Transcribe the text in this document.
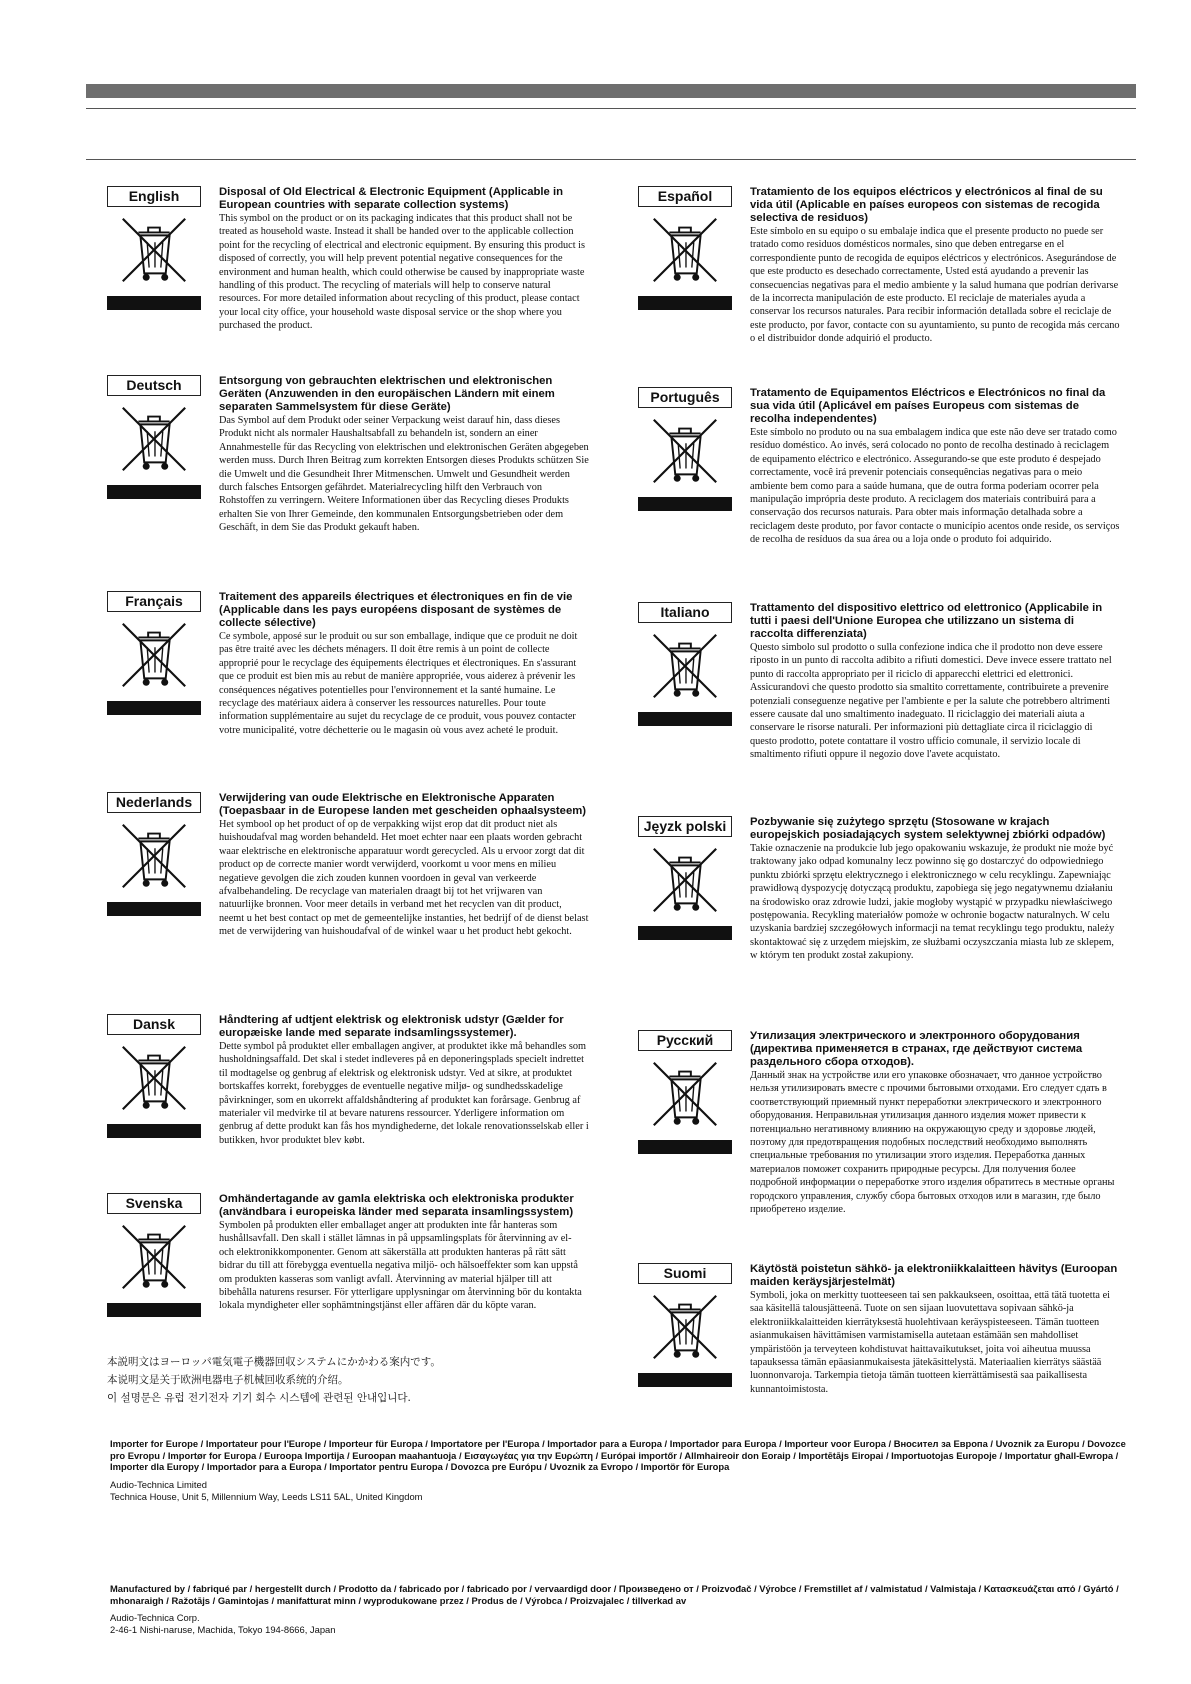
English	Disposal of Old Electrical & Electronic Equipment (Applicable in European countries with separate collection systems)

This symbol on the product or on its packaging indicates that this product shall not be treated as household waste. Instead it shall be handed over to the applicable collection point for the recycling of electrical and electronic equipment. By ensuring this product is disposed of correctly, you will help prevent potential negative consequences for the environment and human health, which could otherwise be caused by inappropriate waste handling of this product. The recycling of materials will help to conserve natural resources. For more detailed information about recycling of this product, please contact your local city office, your household waste disposal service or the shop where you purchased the product.

Deutsch	Entsorgung von gebrauchten elektrischen und elektronischen Geräten (Anzuwenden in den europäischen Ländern mit einem separaten Sammelsystem für diese Geräte)

Das Symbol auf dem Produkt oder seiner Verpackung weist darauf hin, dass dieses Produkt nicht als normaler Haushaltsabfall zu behandeln ist, sondern an einer Annahmestelle für das Recycling von elektrischen und elektronischen Geräten abgegeben werden muss. Durch Ihren Beitrag zum korrekten Entsorgen dieses Produkts schützen Sie die Umwelt und die Gesundheit Ihrer Mitmenschen. Umwelt und Gesundheit werden durch falsches Entsorgen gefährdet. Materialrecycling hilft den Verbrauch von Rohstoffen zu verringern. Weitere Informationen über das Recycling dieses Produkts erhalten Sie von Ihrer Gemeinde, den kommunalen Entsorgungsbetrieben oder dem Geschäft, in dem Sie das Produkt gekauft haben.

Français	Traitement des appareils électriques et électroniques en fin de vie (Applicable dans les pays européens disposant de systèmes de collecte sélective)

Ce symbole, apposé sur le produit ou sur son emballage, indique que ce produit ne doit pas être traité avec les déchets ménagers. Il doit être remis à un point de collecte approprié pour le recyclage des équipements électriques et électroniques. En s'assurant que ce produit est bien mis au rebut de manière appropriée, vous aiderez à prévenir les conséquences négatives potentielles pour l'environnement et la santé humaine. Le recyclage des matériaux aidera à conserver les ressources naturelles. Pour toute information supplémentaire au sujet du recyclage de ce produit, vous pouvez contacter votre municipalité, votre déchetterie ou le magasin où vous avez acheté le produit.

Nederlands	Verwijdering van oude Elektrische en Elektronische Apparaten (Toepasbaar in de Europese landen met gescheiden ophaalsysteem)

Het symbool op het product of op de verpakking wijst erop dat dit product niet als huishoudafval mag worden behandeld. Het moet echter naar een plaats worden gebracht waar elektrische en elektronische apparatuur wordt gerecycled. Als u ervoor zorgt dat dit product op de correcte manier wordt verwijderd, voorkomt u voor mens en milieu negatieve gevolgen die zich zouden kunnen voordoen in geval van verkeerde afvalbehandeling. De recyclage van materialen draagt bij tot het vrijwaren van natuurlijke bronnen. Voor meer details in verband met het recyclen van dit product, neemt u het best contact op met de gemeentelijke instanties, het bedrijf of de dienst belast met de verwijdering van huishoudafval of de winkel waar u het product hebt gekocht.

Dansk	Håndtering af udtjent elektrisk og elektronisk udstyr (Gælder for europæiske lande med separate indsamlingssystemer).

Dette symbol på produktet eller emballagen angiver, at produktet ikke må behandles som husholdningsaffald. Det skal i stedet indleveres på en deponeringsplads specielt indrettet til modtagelse og genbrug af elektrisk og elektronisk udstyr. Ved at sikre, at produktet bortskaffes korrekt, forebygges de eventuelle negative miljø- og sundhedsskadelige påvirkninger, som en ukorrekt affaldshåndtering af produktet kan forårsage. Genbrug af materialer vil medvirke til at bevare naturens ressourcer. Yderligere information om genbrug af dette produkt kan fås hos myndighederne, det lokale renovationsselskab eller i butikken, hvor produktet blev købt.

Svenska	Omhändertagande av gamla elektriska och elektroniska produkter (användbara i europeiska länder med separata insamlingssystem)

Symbolen på produkten eller emballaget anger att produkten inte får hanteras som hushållsavfall. Den skall i stället lämnas in på uppsamlingsplats för återvinning av el- och elektronikkomponenter. Genom att säkerställa att produkten hanteras på rätt sätt bidrar du till att förebygga eventuella negativa miljö- och hälsoeffekter som kan uppstå om produkten kasseras som vanligt avfall. Återvinning av material hjälper till att bibehålla naturens resurser. För ytterligare upplysningar om återvinning bör du kontakta lokala myndigheter eller sophämtningstjänst eller affären där du köpte varan.

Español	Tratamiento de los equipos eléctricos y electrónicos al final de su vida útil (Aplicable en países europeos con sistemas de recogida selectiva de residuos)

Este símbolo en su equipo o su embalaje indica que el presente producto no puede ser tratado como residuos domésticos normales, sino que deben entregarse en el correspondiente punto de recogida de equipos eléctricos y electrónicos. Asegurándose de que este producto es desechado correctamente, Usted está ayudando a prevenir las consecuencias negativas para el medio ambiente y la salud humana que podrían derivarse de la incorrecta manipulación de este producto. El reciclaje de materiales ayuda a conservar los recursos naturales. Para recibir información detallada sobre el reciclaje de este producto, por favor, contacte con su ayuntamiento, su punto de recogida más cercano o el distribuidor donde adquirió el producto.

Português	Tratamento de Equipamentos Eléctricos e Electrónicos no final da sua vida útil (Aplicável em países Europeus com sistemas de recolha independentes)

Este símbolo no produto ou na sua embalagem indica que este não deve ser tratado como resíduo doméstico. Ao invés, será colocado no ponto de recolha destinado à reciclagem de equipamento eléctrico e electrónico. Assegurando-se que este produto é despejado correctamente, você irá prevenir potenciais consequências negativas para o meio ambiente bem como para a saúde humana, que de outra forma poderiam ocorrer pela manipulação imprópria deste produto. A reciclagem dos materiais contribuirá para a conservação dos recursos naturais. Para obter mais informação detalhada sobre a reciclagem deste produto, por favor contacte o município acentos onde reside, os serviços de recolha de resíduos da sua área ou a loja onde o produto foi adquirido.

Italiano	Trattamento del dispositivo elettrico od elettronico (Applicabile in tutti i paesi dell'Unione Europea che utilizzano un sistema di raccolta differenziata)

Questo simbolo sul prodotto o sulla confezione indica che il prodotto non deve essere riposto in un punto di raccolta adibito a rifiuti domestici. Deve invece essere trattato nel punto di raccolta appropriato per il riciclo di apparecchi elettrici ed elettronici. Assicurandovi che questo prodotto sia smaltito correttamente, contribuirete a prevenire potenziali conseguenze negative per l'ambiente e per la salute che potrebbero altrimenti essere causate dal uno smaltimento inadeguato. Il riciclaggio dei materiali aiuta a conservare le risorse naturali. Per informazioni più dettagliate circa il riciclaggio di questo prodotto, potete contattare il vostro ufficio comunale, il servizio locale di smaltimento rifiuti oppure il negozio dove l'avete acquistato.

Jęyzk polski	Pozbywanie się zużytego sprzętu (Stosowane w krajach europejskich posiadających system selektywnej zbiórki odpadów)

Takie oznaczenie na produkcie lub jego opakowaniu wskazuje, że produkt nie może być traktowany jako odpad komunalny lecz powinno się go dostarczyć do odpowiedniego punktu zbiórki sprzętu elektrycznego i elektronicznego w celu recyklingu. Zapewniając prawidłową dyspozycję dotyczącą produktu, zapobiega się jego negatywnemu działaniu na środowisko oraz zdrowie ludzi, jakie mogłoby wystąpić w przypadku niewłaściwego postępowania. Recykling materiałów pomoże w ochronie bogactw naturalnych. W celu uzyskania bardziej szczegółowych informacji na temat recyklingu tego produktu, należy skontaktować się z urzędem miejskim, ze służbami oczyszczania miasta lub ze sklepem, w którym ten produkt został zakupiony.

Русский	Утилизация электрического и электронного оборудования (директива применяется в странах, где действуют система раздельного сбора отходов).

Данный знак на устройстве или его упаковке обозначает, что данное устройство нельзя утилизировать вместе с прочими бытовыми отходами. Его следует сдать в соответствующий приемный пункт переработки электрического и электронного оборудования. Неправильная утилизация данного изделия может привести к потенциально негативному влиянию на окружающую среду и здоровье людей, поэтому для предотвращения подобных последствий необходимо выполнять специальные требования по утилизации этого изделия. Переработка данных материалов поможет сохранить природные ресурсы. Для получения более подробной информации о переработке этого изделия обратитесь в местные органы городского управления, службу сбора бытовых отходов или в магазин, где было приобретено изделие.

Suomi	Käytöstä poistetun sähkö- ja elektroniikkalaitteen hävitys (Euroopan maiden keräysjärjestelmät)

Symboli, joka on merkitty tuotteeseen tai sen pakkaukseen, osoittaa, että tätä tuotetta ei saa käsitellä talousjätteenä. Tuote on sen sijaan luovutettava sopivaan sähkö-ja elektroniikkalaitteiden kierrätyksestä huolehtivaan keräyspisteeseen. Tämän tuotteen asianmukaisen hävittämisen varmistamisella autetaan estämään sen mahdolliset ympäristöön ja terveyteen kohdistuvat haittavaikutukset, joita voi aiheutua muussa tapauksessa tämän epäasianmukaisesta jätekäsittelystä. Materiaalien kierrätys säästää luonnonvaroja. Tarkempia tietoja tämän tuotteen kierrättämisestä saa paikallisesta kunnantoimistosta.

本説明文はヨーロッパ電気電子機器回収システムにかかわる案内です。
本说明文是关于欧洲电器电子机械回收系统的介绍。
이 설명문은 유럽 전기전자 기기 회수 시스템에 관련된 안내입니다.

Importer for Europe / Importateur pour l'Europe / Importeur für Europa / Importatore per l'Europa / Importador para a Europa / Importador para Europa / Importeur voor Europa / Вносител за Европа / Uvoznik za Europu / Dovozce pro Evropu / Importør for Europa / Euroopa Importija / Euroopan maahantuoja / Εισαγωγέας για την Ευρώπη / Európai importőr / Allmhaireoir don Eoraip / Importētājs Eiropai / Importuotojas Europoje / Importatur għall-Ewropa / Importer dla Europy / Importador para a Europa / Importator pentru Europa / Dovozca pre Európu / Uvoznik za Evropo / Importör för Europa

Audio-Technica Limited

Technica House, Unit 5, Millennium Way, Leeds LS11 5AL, United Kingdom

Manufactured by / fabriqué par / hergestellt durch / Prodotto da / fabricado por / fabricado por / vervaardigd door / Произведено от / Proizvođač / Výrobce / Fremstillet af / valmistatud / Valmistaja / Κατασκευάζεται από / Gyártó / mhonaraigh / Ražotājs / Gamintojas / manifatturat minn / wyprodukowane przez / Produs de / Výrobca / Proizvajalec / tillverkad av

Audio-Technica Corp.

2-46-1 Nishi-naruse, Machida, Tokyo 194-8666, Japan
